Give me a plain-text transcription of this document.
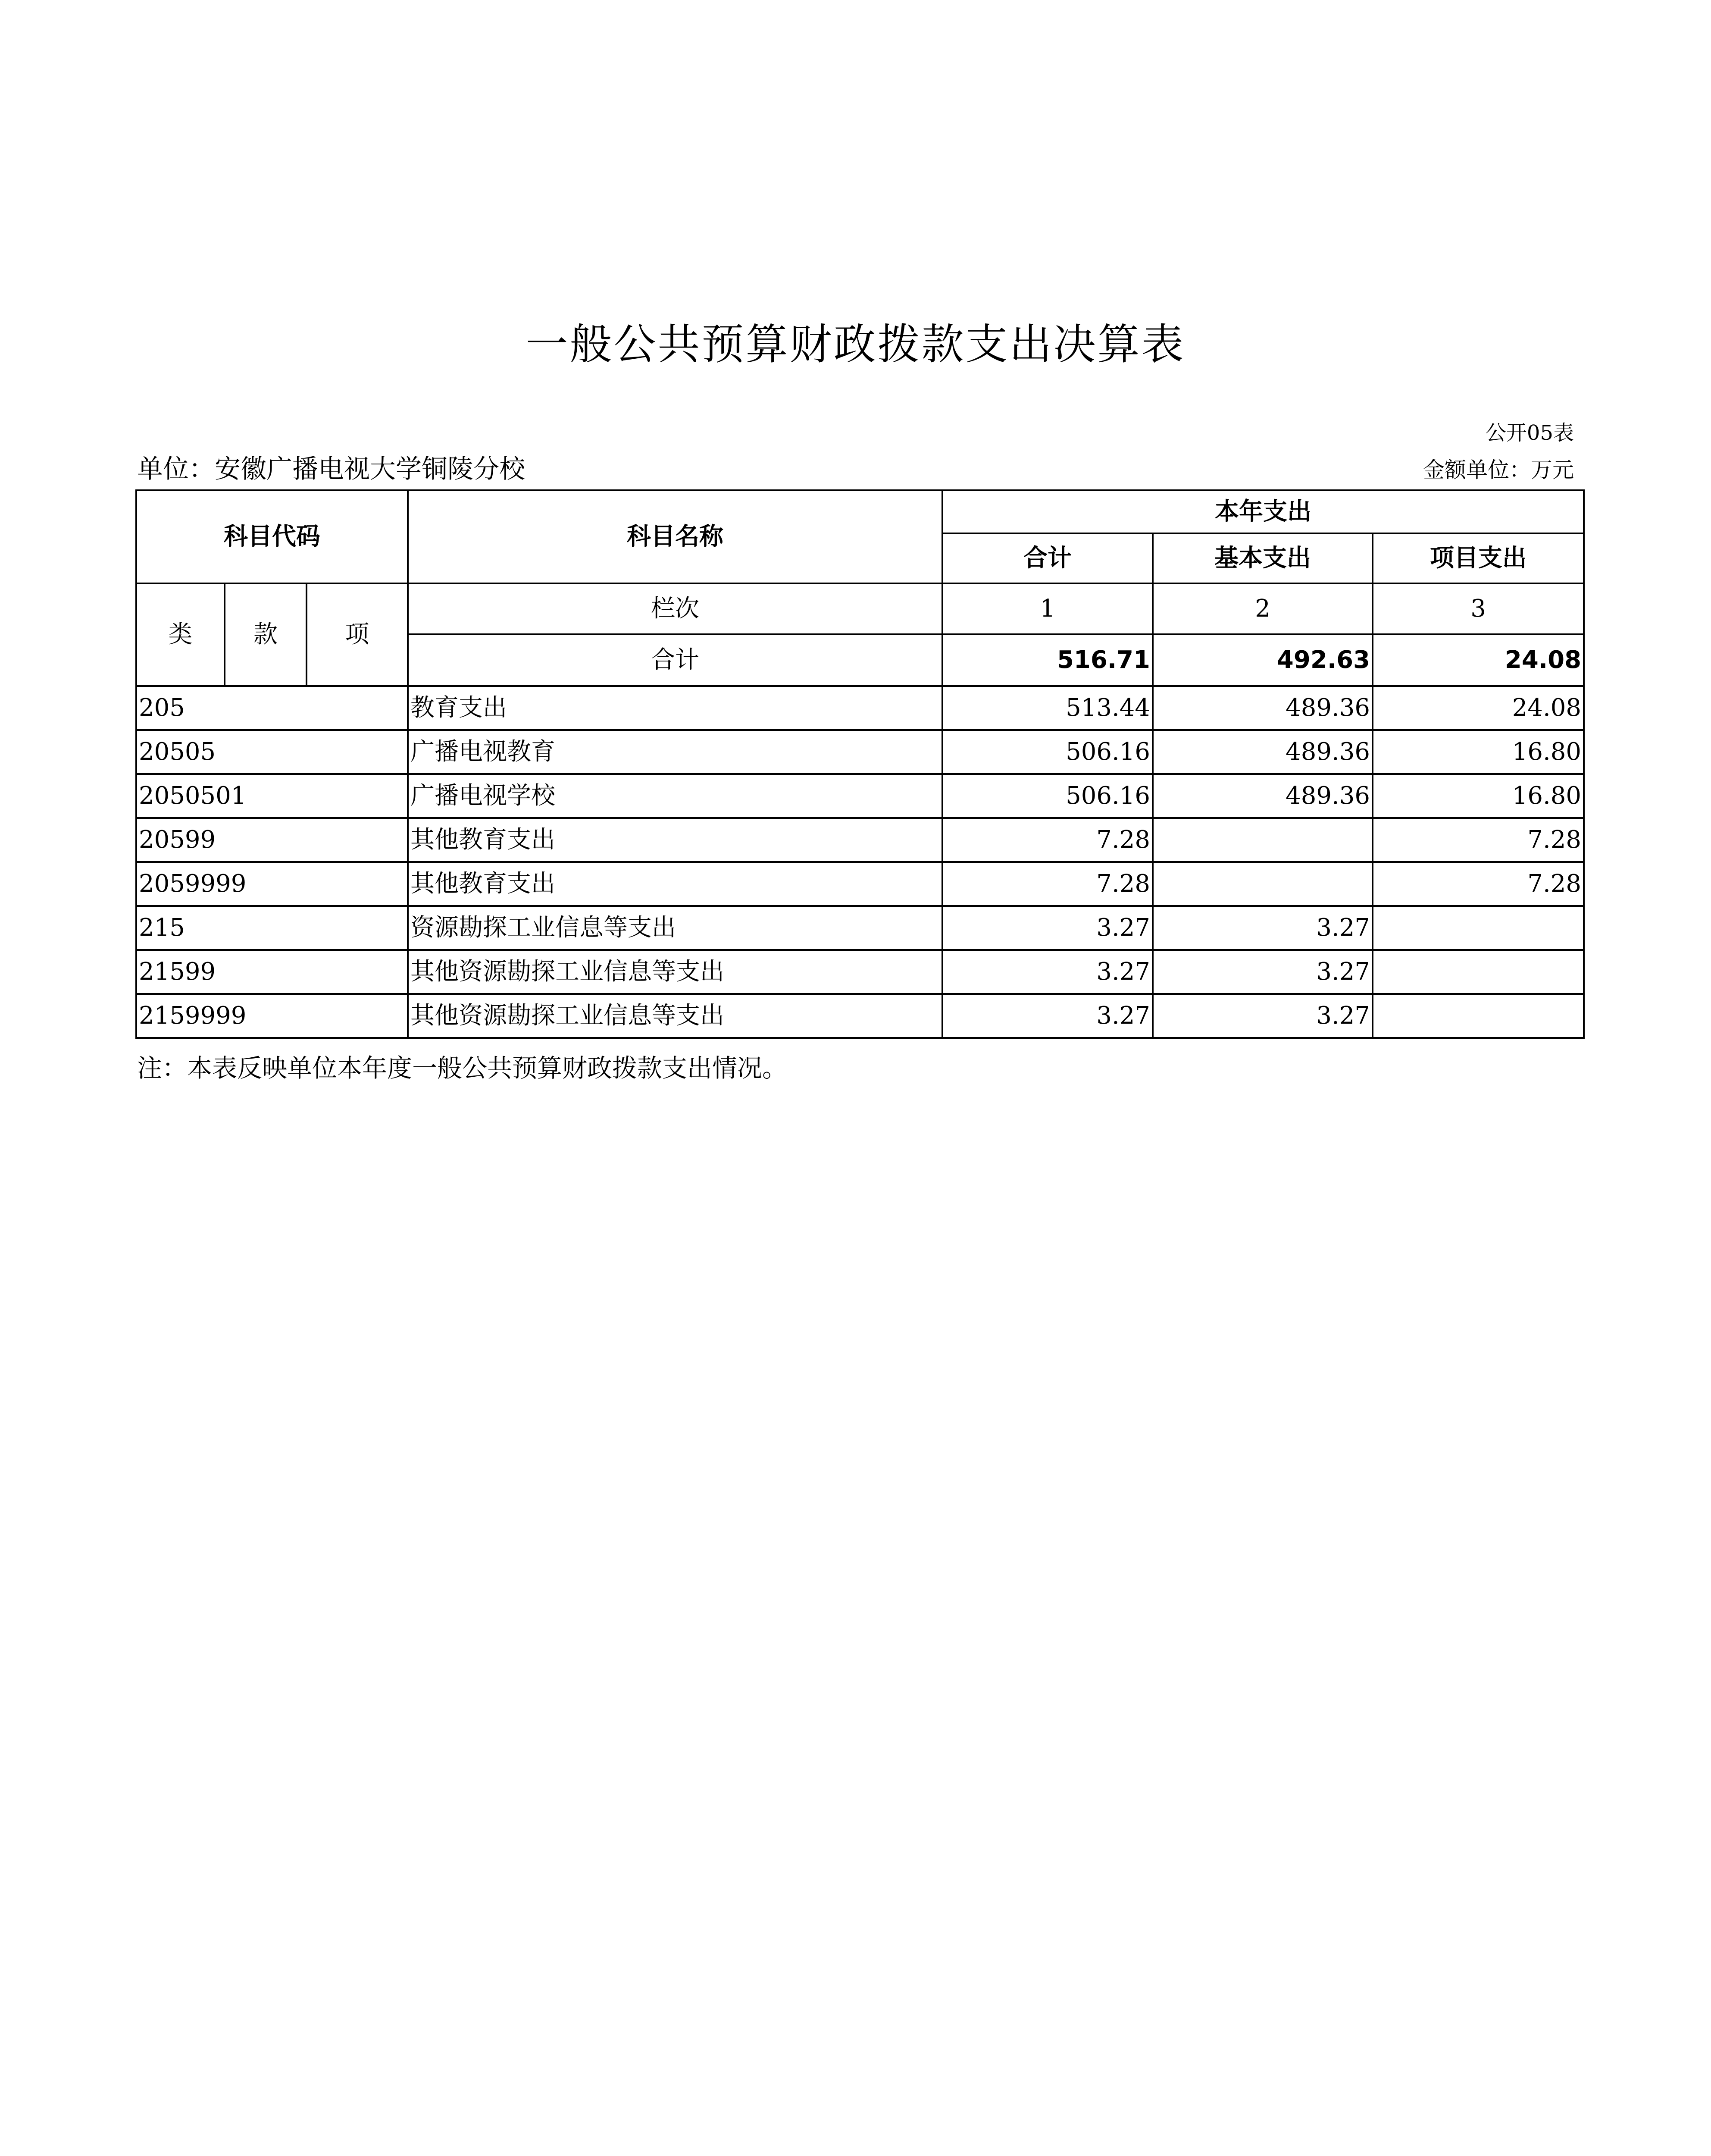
一般公共预算财政拨款支出决算表
公开05表
单位：安徽广播电视大学铜陵分校	金额单位：万元
科目代码			科目名称	本年支出		
				合计	基本支出	项目支出
类	款	项	栏次	1	2	3
			合计	516.71	492.63	24.08
205			教育支出	513.44	489.36	24.08
20505			广播电视教育	506.16	489.36	16.80
2050501			广播电视学校	506.16	489.36	16.80
20599			其他教育支出	7.28		7.28
2059999			其他教育支出	7.28		7.28
215			资源勘探工业信息等支出	3.27	3.27	
21599			其他资源勘探工业信息等支出	3.27	3.27	
2159999			其他资源勘探工业信息等支出	3.27	3.27	
注：本表反映单位本年度一般公共预算财政拨款支出情况。
